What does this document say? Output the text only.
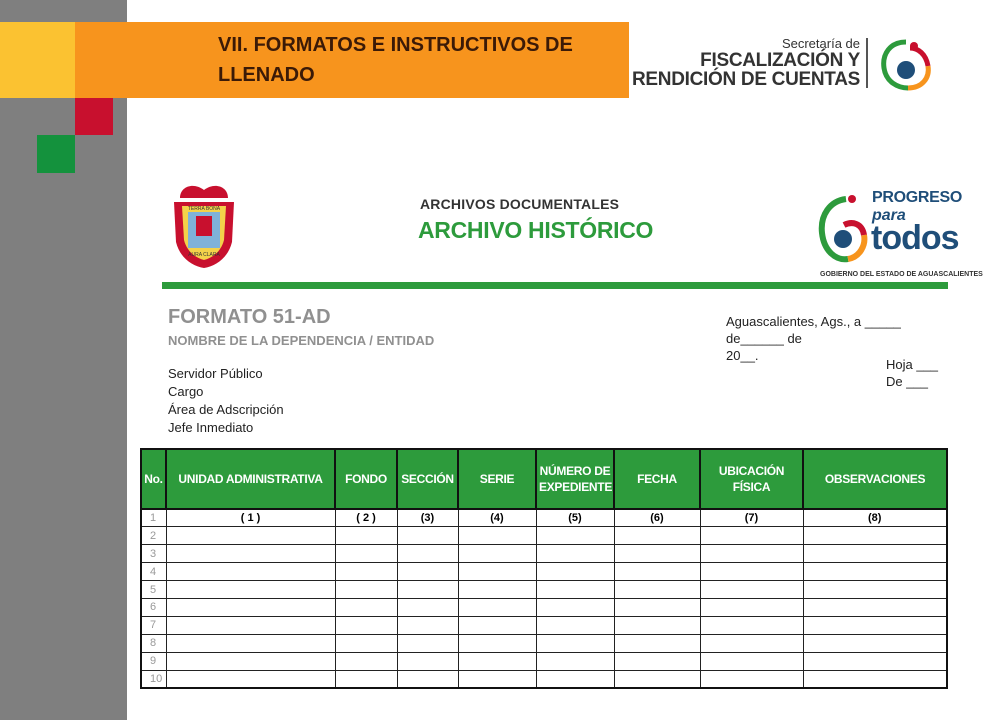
VII. FORMATOS E INSTRUCTIVOS DE LLENADO
Secretaría de
FISCALIZACIÓN Y
RENDICIÓN DE CUENTAS
TERRA BONA
AURA CLARA
ARCHIVOS DOCUMENTALES
ARCHIVO HISTÓRICO
PROGRESO
para
todos
GOBIERNO DEL ESTADO DE AGUASCALIENTES
FORMATO 51-AD
NOMBRE DE LA DEPENDENCIA / ENTIDAD
Servidor Público
Cargo
Área de Adscripción
Jefe Inmediato
Aguascalientes, Ags., a _____ de______ de
20__.
Hoja ___
De ___
No.	UNIDAD ADMINISTRATIVA	FONDO	SECCIÓN	SERIE	NÚMERO DE EXPEDIENTE	FECHA	UBICACIÓN FÍSICA	OBSERVACIONES
1	( 1 )	( 2 )	(3)	(4)	(5)	(6)	(7)	(8)
2								
3								
4								
5								
6								
7								
8								
9								
10								
